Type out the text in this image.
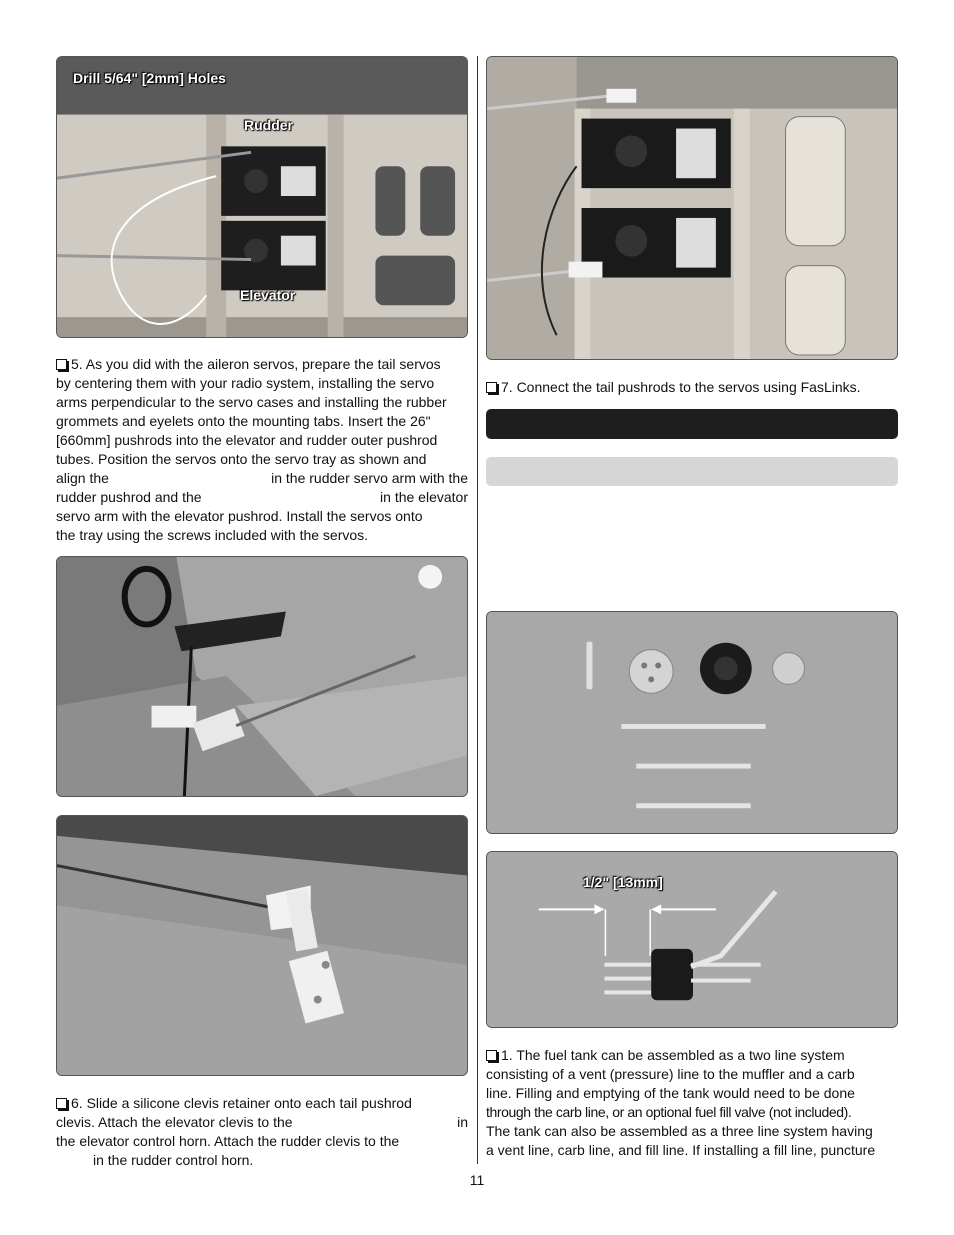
Drill 5/64" [2mm] Holes
Rudder
Elevator
5. As you did with the aileron servos, prepare the tail servos
by centering them with your radio system, installing the servo
arms perpendicular to the servo cases and installing the rubber
grommets and eyelets onto the mounting tabs. Insert the 26"
[660mm] pushrods into the elevator and rudder outer pushrod
tubes. Position the servos onto the servo tray as shown and
align the	in the rudder servo arm with the
rudder pushrod and the	in the elevator
servo arm with the elevator pushrod. Install the servos onto
the tray using the screws included with the servos.
6. Slide a silicone clevis retainer onto each tail pushrod
clevis. Attach the elevator clevis to the	in
the elevator control horn. Attach the rudder clevis to the
in the rudder control horn.
7. Connect the tail pushrods to the servos using FasLinks.
1/2" [13mm]
1. The fuel tank can be assembled as a two line system
consisting of a vent (pressure) line to the muffler and a carb
line. Filling and emptying of the tank would need to be done
through the carb line, or an optional fuel fill valve (not included).
The tank can also be assembled as a three line system having
a vent line, carb line, and fill line. If installing a fill line, puncture
11
